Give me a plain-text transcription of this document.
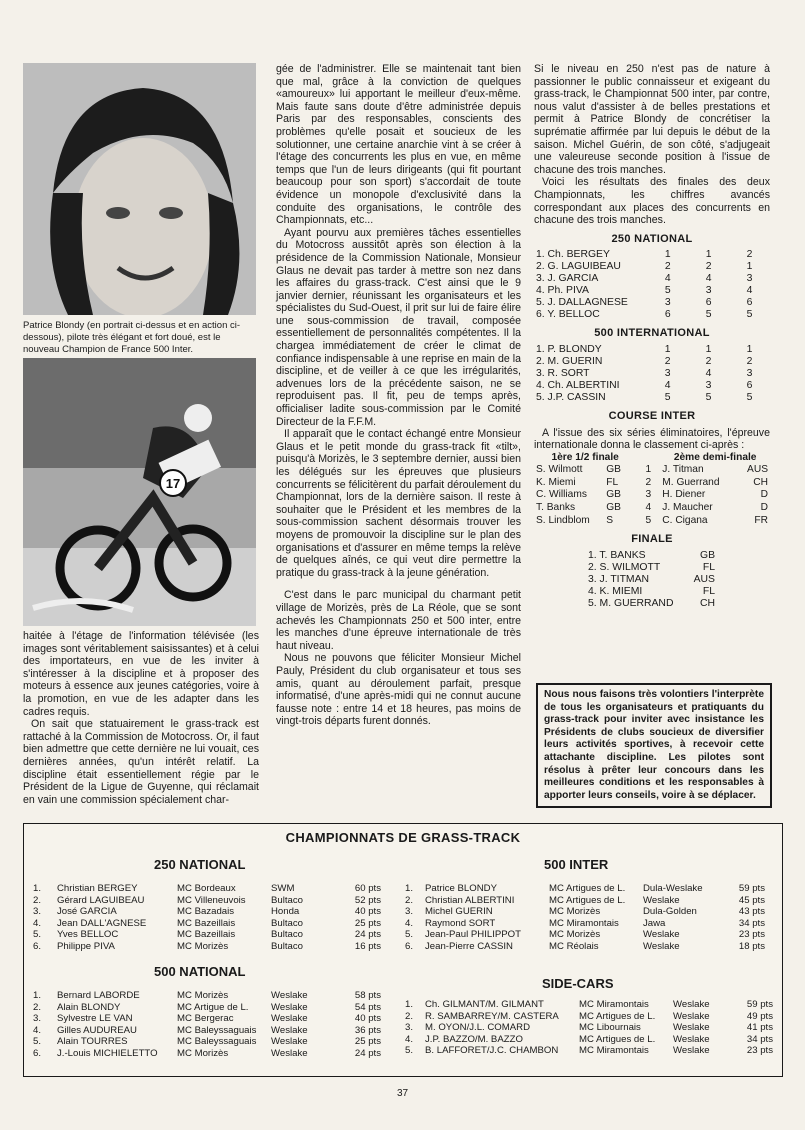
Patrice Blondy (en portrait ci-dessus et en action ci-dessous), pilote très élégant et fort doué, est le nouveau Champion de France 500 Inter.
17

haitée à l'étage de l'information télévisée (les images sont véritablement saisissantes) et à celui des importateurs, en vue de les inviter à s'intéresser à la discipline et à proposer des moteurs à essence aux jeunes catégories, voire à la promotion, en vue de les adapter dans les cadres requis.

On sait que statuairement le grass-track est rattaché à la Commission de Motocross. Or, il faut bien admettre que cette dernière ne lui vouait, ces dernières années, qu'un intérêt relatif. La discipline était essentiellement régie par le Président de la Ligue de Guyenne, qui réclamait en vain une commission spécialement char-

gée de l'administrer. Elle se maintenait tant bien que mal, grâce à la conviction de quelques «amoureux» lui apportant le meilleur d'eux-même. Mais faute sans doute d'être administrée depuis Paris par des responsables, conscients des problèmes qu'elle posait et soucieux de les solutionner, une certaine anarchie vint à se créer à l'étage des concurrents les plus en vue, en même temps que l'un de leurs dirigeants (qui fit pourtant beaucoup pour son sport) s'accordait de toute évidence un monopole d'exclusivité dans la conduite des organisations, le contrôle des Championnats, etc...

Ayant pourvu aux premières tâches essentielles du Motocross aussitôt après son élection à la présidence de la Commission Nationale, Monsieur Glaus ne devait pas tarder à mettre son nez dans les affaires du grass-track. C'est ainsi que le 9 janvier dernier, réunissant les organisateurs et les spécialistes du Sud-Ouest, il prit sur lui de faire élire une sous-commission de travail, composée essentiellement de personnalités compétentes. Il la chargea immédiatement de créer le climat de confiance indispensable à une reprise en main de la discipline, et de veiller à ce que les irrégularités, advenues lors de la précédente saison, ne se reproduisent pas. Il fit, peu de temps après, officialiser ladite sous-commission par le Comité Directeur de la F.F.M.

Il apparaît que le contact échangé entre Monsieur Glaus et le petit monde du grass-track fit «tilt», puisqu'à Morizès, le 3 septembre dernier, aussi bien les délégués sur les épreuves que plusieurs concurrents se félicitèrent du parfait déroulement du Championnat, lors de la dernière saison. Il reste à souhaiter que le Président et les membres de la sous-commission sachent désormais trouver les moyens de promouvoir la discipline sur le plan des organisations et d'assurer en même temps la relève de quelques aînés, ce qui veut dire permettre la pratique du grass-track à la jeune génération.

C'est dans le parc municipal du charmant petit village de Morizès, près de La Réole, que se sont achevés les Championnats 250 et 500 inter, entre les manches d'une épreuve internationale de très haut niveau.

Nous ne pouvons que féliciter Monsieur Michel Pauly, Président du club organisateur et tous ses amis, quant au déroulement parfait, presque informatisé, d'une après-midi qui ne connut aucune fausse note : entre 14 et 18 heures, pas moins de vingt-trois départs furent donnés.

Si le niveau en 250 n'est pas de nature à passionner le public connaisseur et exigeant du grass-track, le Championnat 500 inter, par contre, nous valut d'assister à de belles prestations et permit à Patrice Blondy de concrétiser la suprématie affirmée par lui depuis le début de la saison. Michel Guérin, de son côté, s'adjugeait une valeureuse seconde position à l'issue de chacune des trois manches.

Voici les résultats des finales des deux Championnats, les chiffres avancés correspondant aux places des concurrents en chacune des trois manches.

250 NATIONAL
1. Ch. BERGEY	1	1	2
2. G. LAGUIBEAU	2	2	1
3. J. GARCIA	4	4	3
4. Ph. PIVA	5	3	4
5. J. DALLAGNESE	3	6	6
6. Y. BELLOC	6	5	5
500 INTERNATIONAL
1. P. BLONDY	1	1	1
2. M. GUERIN	2	2	2
3. R. SORT	3	4	3
4. Ch. ALBERTINI	4	3	6
5. J.P. CASSIN	5	5	5
COURSE INTER

A l'issue des six séries éliminatoires, l'épreuve internationale donna le classement ci-après :

1ère 1/2 finale			2ème demi-finale	
S. Wilmott	GB	1	J. Titman	AUS
K. Miemi	FL	2	M. Guerrand	CH
C. Williams	GB	3	H. Diener	D
T. Banks	GB	4	J. Maucher	D
S. Lindblom	S	5	C. Cigana	FR
FINALE
1. T. BANKS	GB
2. S. WILMOTT	FL
3. J. TITMAN	AUS
4. K. MIEMI	FL
5. M. GUERRAND	CH
Nous nous faisons très volontiers l'interprète de tous les organisateurs et pratiquants du grass-track pour inviter avec insistance les Présidents de clubs soucieux de diversifier leurs activités sportives, à recevoir cette attachante discipline. Les pilotes sont résolus à prêter leur concours dans les meilleures conditions et les responsables à apporter leurs conseils, voire à se déplacer.
CHAMPIONNATS DE GRASS-TRACK
250 NATIONAL
1.	Christian BERGEY	MC Bordeaux	SWM	60 pts
2.	Gérard LAGUIBEAU	MC Villeneuvois	Bultaco	52 pts
3.	José GARCIA	MC Bazadais	Honda	40 pts
4.	Jean DALL'AGNESE	MC Bazeillais	Bultaco	25 pts
5.	Yves BELLOC	MC Bazeillais	Bultaco	24 pts
6.	Philippe PIVA	MC Morizès	Bultaco	16 pts
500 NATIONAL
1.	Bernard LABORDE	MC Morizès	Weslake	58 pts
2.	Alain BLONDY	MC Artigue de L.	Weslake	54 pts
3.	Sylvestre LE VAN	MC Bergerac	Weslake	40 pts
4.	Gilles AUDUREAU	MC Baleyssaguais	Weslake	36 pts
5.	Alain TOURRES	MC Baleyssaguais	Weslake	25 pts
6.	J.-Louis MICHIELETTO	MC Morizès	Weslake	24 pts
500 INTER
1.	Patrice BLONDY	MC Artigues de L.	Dula-Weslake	59 pts
2.	Christian ALBERTINI	MC Artigues de L.	Weslake	45 pts
3.	Michel GUERIN	MC Morizès	Dula-Golden	43 pts
4.	Raymond SORT	MC Miramontais	Jawa	34 pts
5.	Jean-Paul PHILIPPOT	MC Morizès	Weslake	23 pts
6.	Jean-Pierre CASSIN	MC Réolais	Weslake	18 pts
SIDE-CARS
1.	Ch. GILMANT/M. GILMANT	MC Miramontais	Weslake	59 pts
2.	R. SAMBARREY/M. CASTERA	MC Artigues de L.	Weslake	49 pts
3.	M. OYON/J.L. COMARD	MC Libournais	Weslake	41 pts
4.	J.P. BAZZO/M. BAZZO	MC Artigues de L.	Weslake	34 pts
5.	B. LAFFORET/J.C. CHAMBON	MC Miramontais	Weslake	23 pts
37
